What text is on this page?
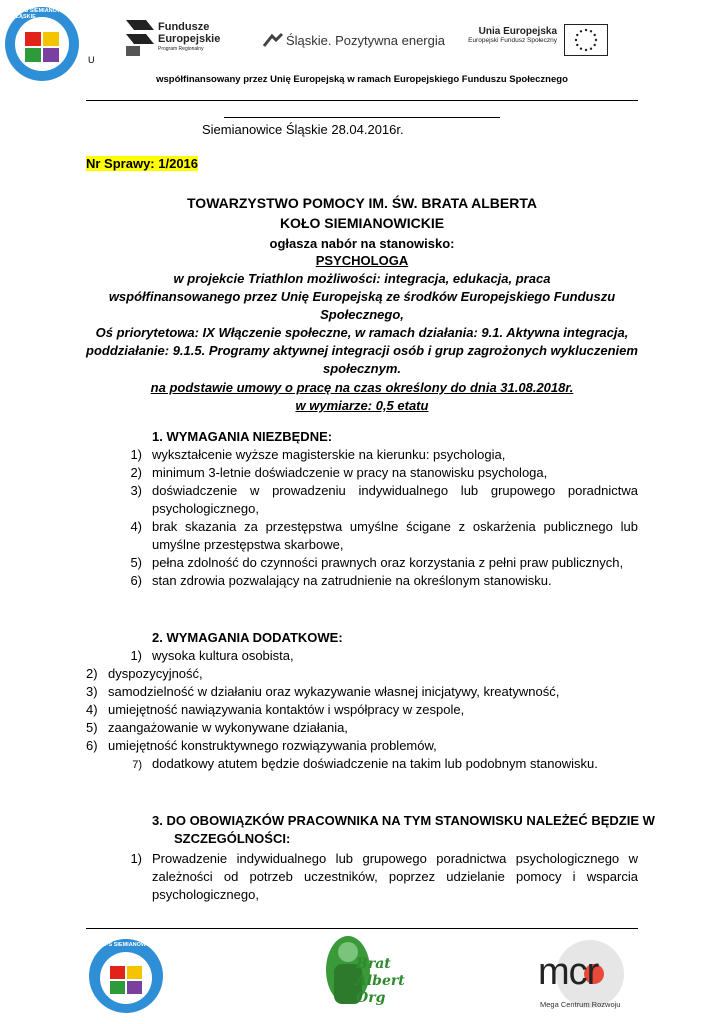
MOPS SIEMIANOWICE ŚLĄSKIE
U
Fundusze
Europejskie
Program Regionalny
Śląskie. Pozytywna energia
Unia Europejska
Europejski Fundusz Społeczny
współfinansowany przez Unię Europejską w ramach Europejskiego Funduszu Społecznego
Siemianowice Śląskie 28.04.2016r.
Nr Sprawy: 1/2016
TOWARZYSTWO POMOCY IM. ŚW. BRATA ALBERTA
KOŁO SIEMIANOWICKIE
ogłasza nabór na stanowisko:
PSYCHOLOGA
w projekcie Triathlon możliwości: integracja, edukacja, praca
współfinansowanego przez Unię Europejską ze środków Europejskiego Funduszu
Społecznego,
Oś priorytetowa: IX Włączenie społeczne, w ramach działania: 9.1. Aktywna integracja,
poddziałanie: 9.1.5. Programy aktywnej integracji osób i grup zagrożonych wykluczeniem
społecznym.
na podstawie umowy o pracę na czas określony do dnia 31.08.2018r.
w wymiarze: 0,5 etatu
1. WYMAGANIA NIEZBĘDNE:
1) wykształcenie wyższe magisterskie na kierunku: psychologia,
2) minimum 3-letnie doświadczenie w pracy na stanowisku psychologa,
3) doświadczenie w prowadzeniu indywidualnego lub grupowego poradnictwa
psychologicznego,
4) brak skazania za przestępstwa umyślne ścigane z oskarżenia publicznego lub
umyślne przestępstwa skarbowe,
5) pełna zdolność do czynności prawnych oraz korzystania z pełni praw publicznych,
6) stan zdrowia pozwalający na zatrudnienie na określonym stanowisku.
2. WYMAGANIA DODATKOWE:
1) wysoka kultura osobista,
2) dyspozycyjność,
3) samodzielność w działaniu oraz wykazywanie własnej inicjatywy, kreatywność,
4) umiejętność nawiązywania kontaktów i współpracy w zespole,
5) zaangażowanie w wykonywane działania,
6) umiejętność konstruktywnego rozwiązywania problemów,
7) dodatkowy atutem będzie doświadczenie na takim lub podobnym stanowisku.
3. DO OBOWIĄZKÓW PRACOWNIKA NA TYM STANOWISKU NALEŻEĆ BĘDZIE W
SZCZEGÓLNOŚCI:
1) Prowadzenie indywidualnego lub grupowego poradnictwa psychologicznego w
zależności od potrzeb uczestników, poprzez udzielanie pomocy i wsparcia
psychologicznego,
MOPS SIEMIANOWICE ŚLĄSKIE
Brat Albert Org
mcr
Mega Centrum Rozwoju
